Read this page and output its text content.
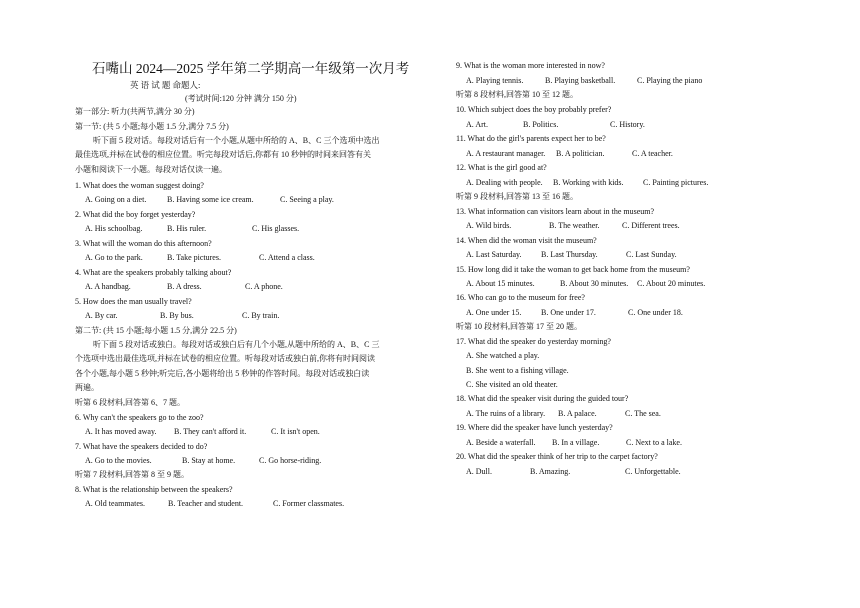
石嘴山 2024—2025 学年第二学期高一年级第一次月考
英 语 试 题 命题人:
(考试时间:120 分钟 满分 150 分)
第一部分: 听力(共两节,满分 30 分)
第一节: (共 5 小题;每小题 1.5 分,满分 7.5 分)
听下面 5 段对话。每段对话后有一个小题,从题中所给的 A、B、C 三个选项中选出
最佳选项,并标在试卷的相应位置。听完每段对话后,你都有 10 秒钟的时间来回答有关
小题和阅读下一小题。每段对话仅读一遍。
1. What does the woman suggest doing?
A. Going on a diet.	B. Having some ice cream.	C. Seeing a play.
2. What did the boy forget yesterday?
A. His schoolbag.	B. His ruler.	C. His glasses.
3. What will the woman do this afternoon?
A. Go to the park.	B. Take pictures.	C. Attend a class.
4. What are the speakers probably talking about?
A. A handbag.	B. A dress.	C. A phone.
5. How does the man usually travel?
A. By car.	B. By bus.	C. By train.
第二节: (共 15 小题;每小题 1.5 分,满分 22.5 分)
听下面 5 段对话或独白。每段对话或独白后有几个小题,从题中所给的 A、B、C 三
个选项中选出最佳选项,并标在试卷的相应位置。听每段对话或独白前,你将有时间阅读
各个小题,每小题 5 秒钟;听完后,各小题将给出 5 秒钟的作答时间。每段对话或独白读
两遍。
听第 6 段材料,回答第 6、7 题。
6. Why can't the speakers go to the zoo?
A. It has moved away. B. They can't afford it.	C. It isn't open.
7. What have the speakers decided to do?
A. Go to the movies.	B. Stay at home.	C. Go horse-riding.
听第 7 段材料,回答第 8 至 9 题。
8. What is the relationship between the speakers?
A. Old teammates.	B. Teacher and student.	C. Former classmates.
9. What is the woman more interested in now?
A. Playing tennis.	B. Playing basketball.	C. Playing the piano
听第 8 段材料,回答第 10 至 12 题。
10. Which subject does the boy probably prefer?
A. Art.	B. Politics.	C. History.
11. What do the girl's parents expect her to be?
A. A restaurant manager. B. A politician.	C. A teacher.
12. What is the girl good at?
A. Dealing with people. B. Working with kids. C. Painting pictures.
听第 9 段材料,回答第 13 至 16 题。
13. What information can visitors learn about in the museum?
A. Wild birds.	B. The weather.	C. Different trees.
14. When did the woman visit the museum?
A. Last Saturday. B. Last Thursday.	C. Last Sunday.
15. How long did it take the woman to get back home from the museum?
A. About 15 minutes.	B. About 30 minutes. C. About 20 minutes.
16. Who can go to the museum for free?
A. One under 15. B. One under 17.	C. One under 18.
听第 10 段材料,回答第 17 至 20 题。
17. What did the speaker do yesterday morning?
A. She watched a play.
B. She went to a fishing village.
C. She visited an old theater.
18. What did the speaker visit during the guided tour?
A. The ruins of a library. B. A palace.	C. The sea.
19. Where did the speaker have lunch yesterday?
A. Beside a waterfall. B. In a village.	C. Next to a lake.
20. What did the speaker think of her trip to the carpet factory?
A. Dull.	B. Amazing.	C. Unforgettable.
